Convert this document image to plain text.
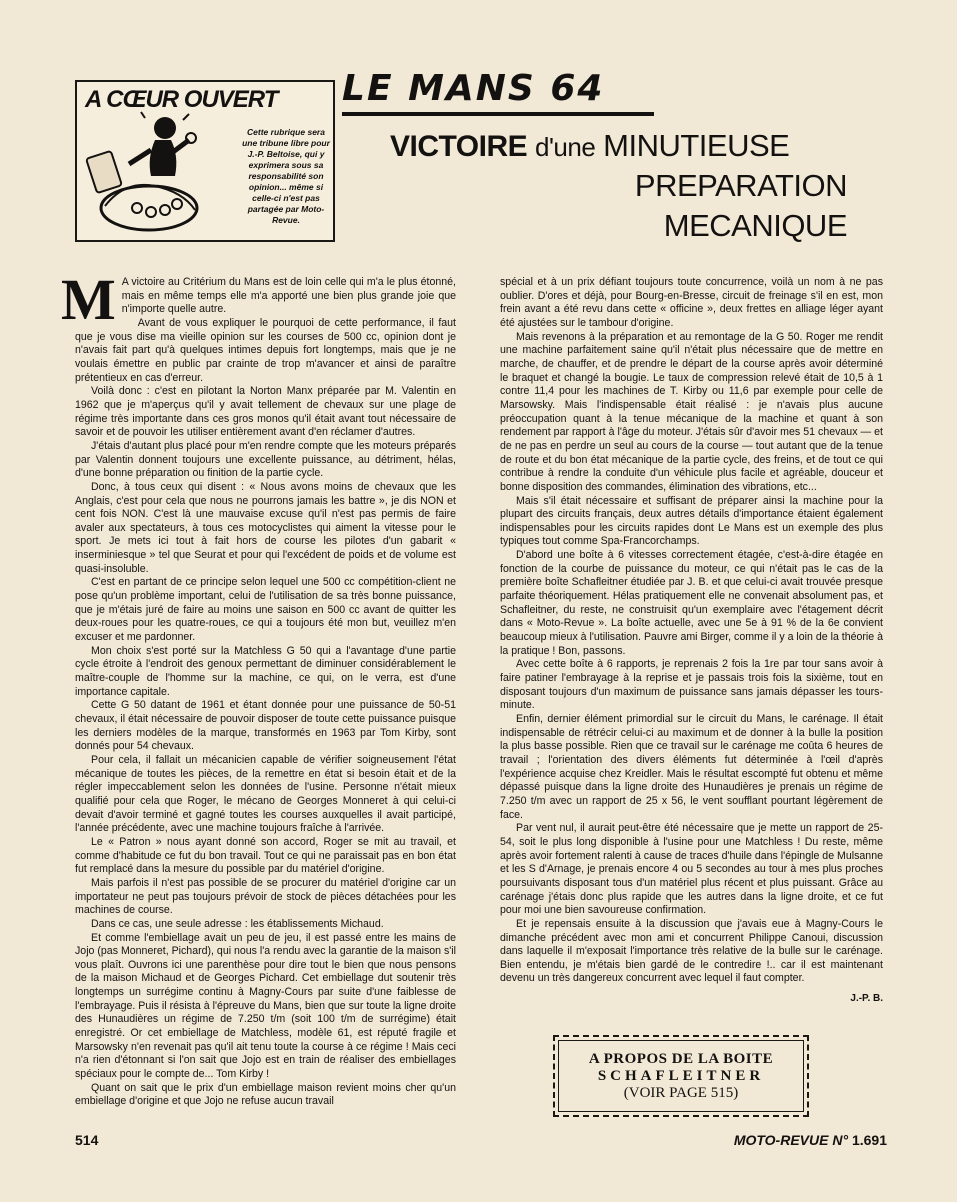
A CŒUR OUVERT
Cette rubrique sera une tribune libre pour J.-P. Beltoise, qui y exprimera sous sa responsabilité son opinion... même si celle-ci n'est pas partagée par Moto-Revue.
LE MANS 64
VICTOIRE d'une MINUTIEUSE
PREPARATION
MECANIQUE
M A victoire au Critérium du Mans est de loin celle qui m'a le plus étonné, mais en même temps elle m'a apporté une bien plus grande joie que n'importe quelle autre.

Avant de vous expliquer le pourquoi de cette performance, il faut que je vous dise ma vieille opinion sur les courses de 500 cc, opinion dont je n'avais fait part qu'à quelques intimes depuis fort longtemps, mais que je ne voulais émettre en public par crainte de trop m'avancer et ainsi de paraître prétentieux en cas d'erreur.

Voilà donc : c'est en pilotant la Norton Manx préparée par M. Valentin en 1962 que je m'aperçus qu'il y avait tellement de chevaux sur une plage de régime très importante dans ces gros monos qu'il était avant tout nécessaire de savoir et de pouvoir les utiliser entièrement avant d'en réclamer d'autres.

J'étais d'autant plus placé pour m'en rendre compte que les moteurs préparés par Valentin donnent toujours une excellente puissance, au détriment, hélas, d'une bonne préparation ou finition de la partie cycle.

Donc, à tous ceux qui disent : « Nous avons moins de chevaux que les Anglais, c'est pour cela que nous ne pourrons jamais les battre », je dis NON et cent fois NON. C'est là une mauvaise excuse qu'il n'est pas permis de faire avaler aux spectateurs, à tous ces motocyclistes qui aiment la vitesse pour le sport. Je mets ici tout à fait hors de course les pilotes d'un gabarit « inserminiesque » tel que Seurat et pour qui l'excédent de poids et de volume est quasi-insoluble.

C'est en partant de ce principe selon lequel une 500 cc compétition-client ne pose qu'un problème important, celui de l'utilisation de sa très bonne puissance, que je m'étais juré de faire au moins une saison en 500 cc avant de quitter les deux-roues pour les quatre-roues, ce qui a toujours été mon but, veuillez m'en excuser et me pardonner.

Mon choix s'est porté sur la Matchless G 50 qui a l'avantage d'une partie cycle étroite à l'endroit des genoux permettant de diminuer considérablement le maître-couple de l'homme sur la machine, ce qui, on le verra, est d'une importance capitale.

Cette G 50 datant de 1961 et étant donnée pour une puissance de 50-51 chevaux, il était nécessaire de pouvoir disposer de toute cette puissance puisque les derniers modèles de la marque, transformés en 1963 par Tom Kirby, sont donnés pour 54 chevaux.

Pour cela, il fallait un mécanicien capable de vérifier soigneusement l'état mécanique de toutes les pièces, de la remettre en état si besoin était et de la régler impeccablement selon les données de l'usine. Personne n'était mieux qualifié pour cela que Roger, le mécano de Georges Monneret à qui celui-ci devait d'avoir terminé et gagné toutes les courses auxquelles il avait participé, l'année précédente, avec une machine toujours fraîche à l'arrivée.

Le « Patron » nous ayant donné son accord, Roger se mit au travail, et comme d'habitude ce fut du bon travail. Tout ce qui ne paraissait pas en bon état fut remplacé dans la mesure du possible par du matériel d'origine.

Mais parfois il n'est pas possible de se procurer du matériel d'origine car un importateur ne peut pas toujours prévoir de stock de pièces détachées pour les machines de course.

Dans ce cas, une seule adresse : les établissements Michaud.

Et comme l'embiellage avait un peu de jeu, il est passé entre les mains de Jojo (pas Monneret, Pichard), qui nous l'a rendu avec la garantie de la maison s'il vous plaît. Ouvrons ici une parenthèse pour dire tout le bien que nous pensons de la maison Michaud et de Georges Pichard. Cet embiellage dut soutenir très longtemps un surrégime continu à Magny-Cours par suite d'une faiblesse de l'embrayage. Puis il résista à l'épreuve du Mans, bien que sur toute la ligne droite des Hunaudières un régime de 7.250 t/m (soit 100 t/m de surrégime) était enregistré. Or cet embiellage de Matchless, modèle 61, est réputé fragile et Marsowsky n'en revenait pas qu'il ait tenu toute la course à ce régime ! Mais ceci n'a rien d'étonnant si l'on sait que Jojo est en train de réaliser des embiellages spéciaux pour le compte de... Tom Kirby !

Quant on sait que le prix d'un embiellage maison revient moins cher qu'un embiellage d'origine et que Jojo ne refuse aucun travail

spécial et à un prix défiant toujours toute concurrence, voilà un nom à ne pas oublier. D'ores et déjà, pour Bourg-en-Bresse, circuit de freinage s'il en est, mon frein avant a été revu dans cette « officine », deux frettes en alliage léger ayant été ajustées sur le tambour d'origine.

Mais revenons à la préparation et au remontage de la G 50. Roger me rendit une machine parfaitement saine qu'il n'était plus nécessaire que de mettre en marche, de chauffer, et de prendre le départ de la course après avoir déterminé le braquet et changé la bougie. Le taux de compression relevé était de 10,5 à 1 contre 11,4 pour les machines de T. Kirby ou 11,6 par exemple pour celle de Marsowsky. Mais l'indispensable était réalisé : je n'avais plus aucune préoccupation quant à la tenue mécanique de la machine et quant à son rendement par rapport à l'âge du moteur. J'étais sûr d'avoir mes 51 chevaux — et de ne pas en perdre un seul au cours de la course — tout autant que de la tenue de route et du bon état mécanique de la partie cycle, des freins, et de tout ce qui contribue à rendre la conduite d'un véhicule plus facile et agréable, douceur et bonne disposition des commandes, élimination des vibrations, etc...

Mais s'il était nécessaire et suffisant de préparer ainsi la machine pour la plupart des circuits français, deux autres détails d'importance étaient également indispensables pour les circuits rapides dont Le Mans est un exemple des plus typiques tout comme Spa-Francorchamps.

D'abord une boîte à 6 vitesses correctement étagée, c'est-à-dire étagée en fonction de la courbe de puissance du moteur, ce qui n'était pas le cas de la première boîte Schafleitner étudiée par J. B. et que celui-ci avait trouvée presque parfaite théoriquement. Hélas pratiquement elle ne convenait absolument pas, et Schafleitner, du reste, ne construisit qu'un exemplaire avec l'étagement décrit dans « Moto-Revue ». La boîte actuelle, avec une 5e à 91 % de la 6e convient beaucoup mieux à l'utilisation. Pauvre ami Birger, comme il y a loin de la théorie à la pratique ! Bon, passons.

Avec cette boîte à 6 rapports, je reprenais 2 fois la 1re par tour sans avoir à faire patiner l'embrayage à la reprise et je passais trois fois la sixième, tout en disposant toujours d'un maximum de puissance sans jamais dépasser les tours-minute.

Enfin, dernier élément primordial sur le circuit du Mans, le carénage. Il était indispensable de rétrécir celui-ci au maximum et de donner à la bulle la position la plus basse possible. Rien que ce travail sur le carénage me coûta 6 heures de travail ; l'orientation des divers éléments fut déterminée à l'œil d'après l'expérience acquise chez Kreidler. Mais le résultat escompté fut obtenu et même dépassé puisque dans la ligne droite des Hunaudières je prenais un régime de 7.250 t/m avec un rapport de 25 x 56, le vent soufflant pourtant légèrement de face.

Par vent nul, il aurait peut-être été nécessaire que je mette un rapport de 25-54, soit le plus long disponible à l'usine pour une Matchless ! Du reste, même après avoir fortement ralenti à cause de traces d'huile dans l'épingle de Mulsanne et les S d'Arnage, je prenais encore 4 ou 5 secondes au tour à mes plus proches poursuivants disposant tous d'un matériel plus récent et plus puissant. Grâce au carénage j'étais donc plus rapide que les autres dans la ligne droite, et ce fut pour moi une bien savoureuse confirmation.

Et je repensais ensuite à la discussion que j'avais eue à Magny-Cours le dimanche précédent avec mon ami et concurrent Philippe Canoui, discussion dans laquelle il m'exposait l'importance très relative de la bulle sur le carénage. Bien entendu, je m'étais bien gardé de le contredire !.. car il est maintenant devenu un très dangereux concurrent avec lequel il faut compter.

J.-P. B.
A PROPOS DE LA BOITE
SCHAFLEITNER
(VOIR PAGE 515)
514	MOTO-REVUE N° 1.691
